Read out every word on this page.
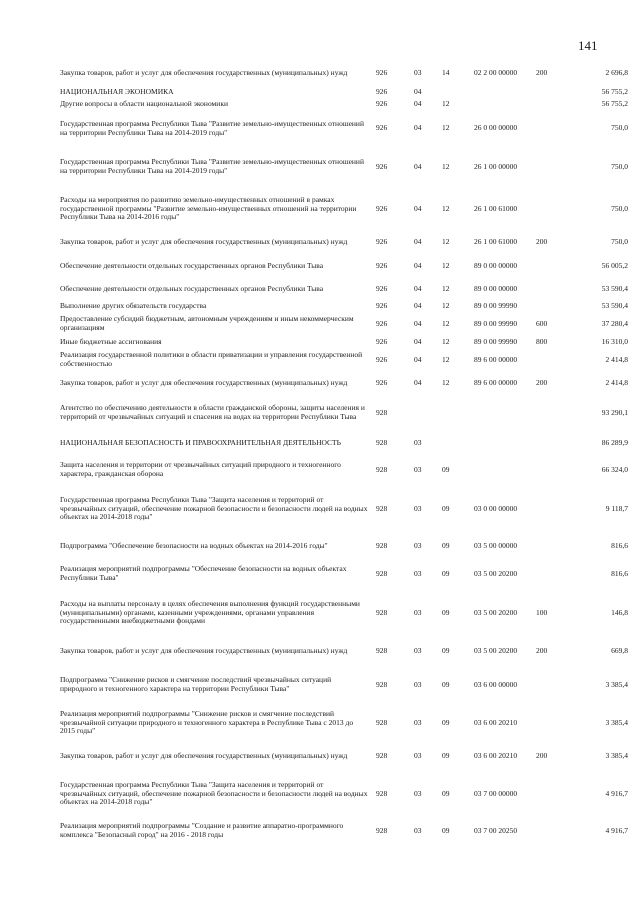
141
Закупка товаров, работ и услуг для обеспечения государственных (муниципальных) нужд	926	03	14	02 2 00 00000	200	2 696,8
НАЦИОНАЛЬНАЯ ЭКОНОМИКА	926	04				56 755,2
Другие вопросы в области национальной экономики	926	04	12			56 755,2
Государственная программа Республики Тыва "Развитие земельно-имущественных отношений на территории Республики Тыва на 2014-2019 годы"	926	04	12	26 0 00 00000		750,0
Государственная программа Республики Тыва "Развитие земельно-имущественных отношений на территории Республики Тыва на 2014-2019 годы"	926	04	12	26 1 00 00000		750,0
Расходы на мероприятия по развитию земельно-имущественных отношений в рамках государственной программы "Развитие земельно-имущественных отношений на территории Республики Тыва на 2014-2016 годы"	926	04	12	26 1 00 61000		750,0
Закупка товаров, работ и услуг для обеспечения государственных (муниципальных) нужд	926	04	12	26 1 00 61000	200	750,0
Обеспечение деятельности отдельных государственных органов Республики Тыва	926	04	12	89 0 00 00000		56 005,2
Обеспечение деятельности отдельных государственных органов Республики Тыва	926	04	12	89 0 00 00000		53 590,4
Выполнение других обязательств государства	926	04	12	89 0 00 99990		53 590,4
Предоставление субсидий бюджетным, автономным учреждениям и иным некоммерческим организациям	926	04	12	89 0 00 99990	600	37 280,4
Иные бюджетные ассигнования	926	04	12	89 0 00 99990	800	16 310,0
Реализация государственной политики в области приватизации и управления государственной собственностью	926	04	12	89 6 00 00000		2 414,8
Закупка товаров, работ и услуг для обеспечения государственных (муниципальных) нужд	926	04	12	89 6 00 00000	200	2 414,8
Агентство по обеспечению деятельности в области гражданской обороны, защиты населения и территорий от чрезвычайных ситуаций и спасения на водах на территории Республики Тыва	928					93 290,1
НАЦИОНАЛЬНАЯ БЕЗОПАСНОСТЬ И ПРАВООХРАНИТЕЛЬНАЯ ДЕЯТЕЛЬНОСТЬ	928	03				86 289,9
Защита населения и территории от чрезвычайных ситуаций природного и техногенного характера, гражданская оборона	928	03	09			66 324,0
Государственная программа Республики Тыва "Защита населения и территорий от чрезвычайных ситуаций, обеспечение пожарной безопасности и безопасности людей на водных объектах на 2014-2018 годы"	928	03	09	03 0 00 00000		9 118,7
Подпрограмма "Обеспечение безопасности на водных объектах на 2014-2016 годы"	928	03	09	03 5 00 00000		816,6
Реализация мероприятий подпрограммы "Обеспечение безопасности на водных объектах Республики Тыва"	928	03	09	03 5 00 20200		816,6
Расходы на выплаты персоналу в целях обеспечения выполнения функций государственными (муниципальными) органами, казенными учреждениями, органами управления государственными внебюджетными фондами	928	03	09	03 5 00 20200	100	146,8
Закупка товаров, работ и услуг для обеспечения государственных (муниципальных) нужд	928	03	09	03 5 00 20200	200	669,8
Подпрограмма "Снижение рисков и смягчение последствий чрезвычайных ситуаций природного и техногенного характера на территории Республики Тыва"	928	03	09	03 6 00 00000		3 385,4
Реализация мероприятий подпрограммы "Снижение рисков и смягчение последствий чрезвычайной ситуации природного и техногенного характера в Республике Тыва с 2013 до 2015 годы"	928	03	09	03 6 00 20210		3 385,4
Закупка товаров, работ и услуг для обеспечения государственных (муниципальных) нужд	928	03	09	03 6 00 20210	200	3 385,4
Государственная программа Республики Тыва "Защита населения и территорий от чрезвычайных ситуаций, обеспечение пожарной безопасности и безопасности людей на водных объектах на 2014-2018 годы"	928	03	09	03 7 00 00000		4 916,7
Реализация мероприятий подпрограммы "Создание и развитие аппаратно-программного комплекса "Безопасный город" на 2016 - 2018 годы	928	03	09	03 7 00 20250		4 916,7
